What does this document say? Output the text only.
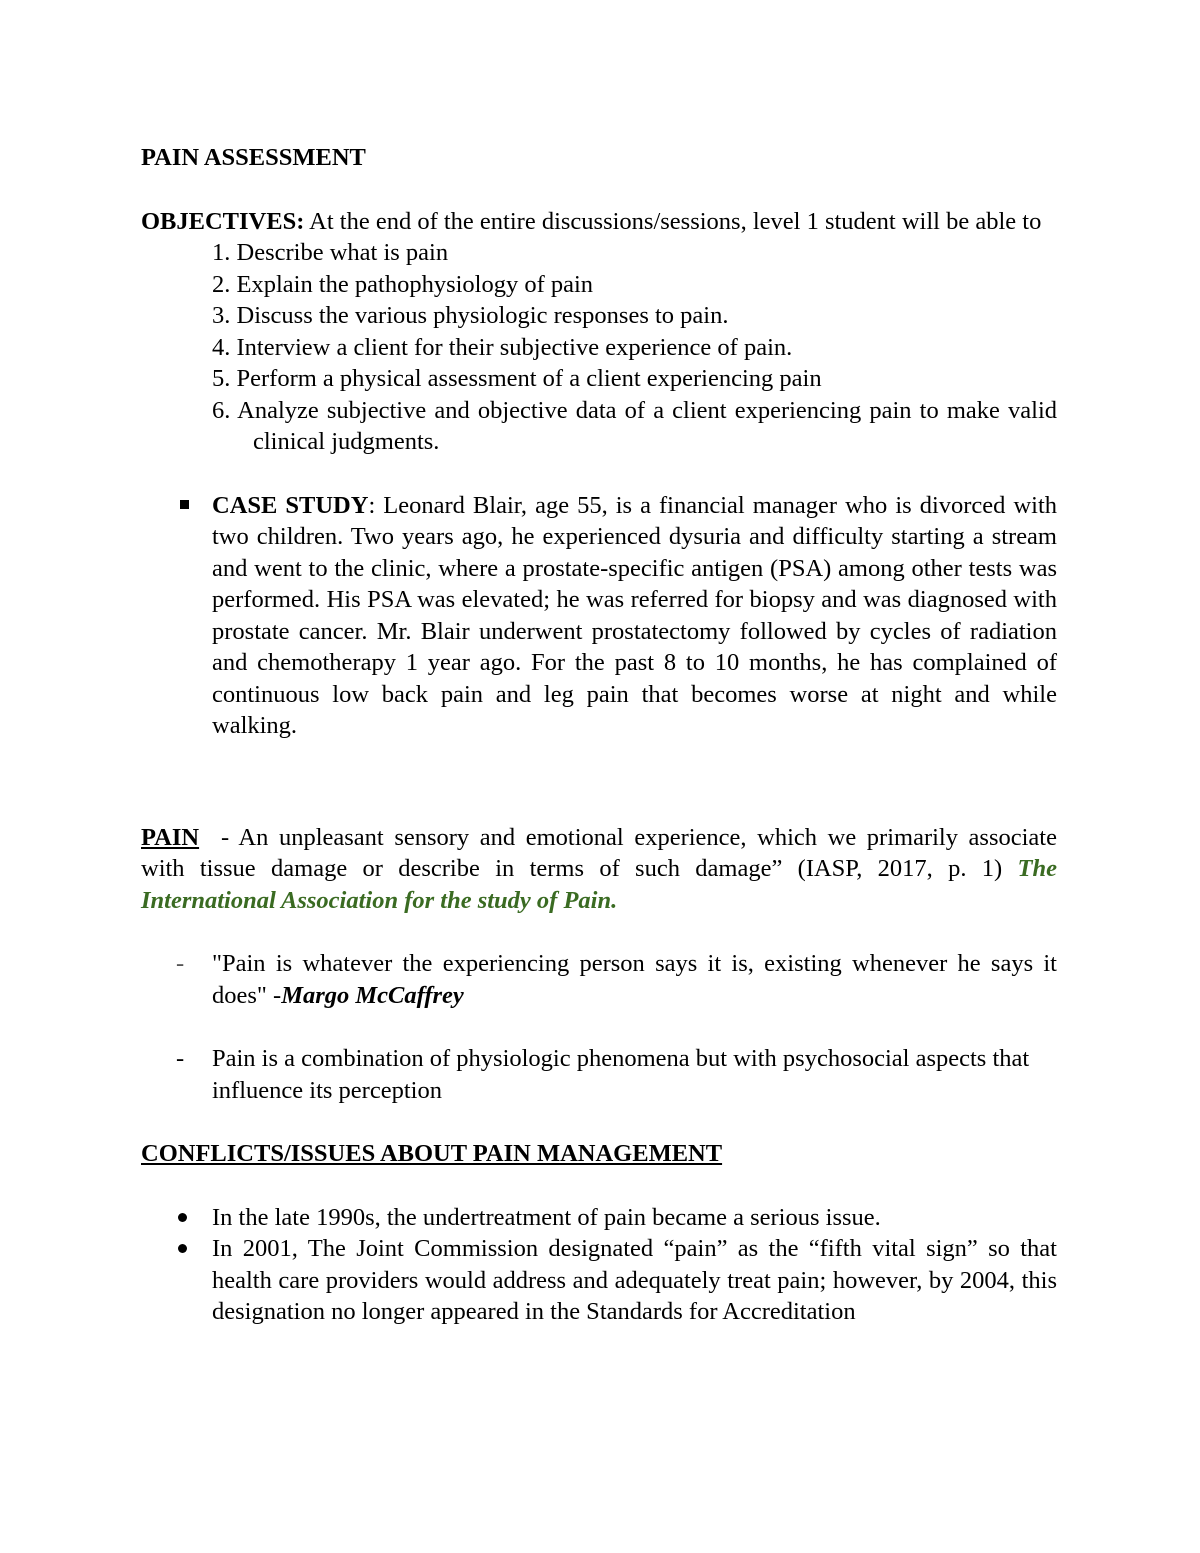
PAIN ASSESSMENT

OBJECTIVES: At the end of the entire discussions/sessions, level 1 student will be able to

1. Describe what is pain
2. Explain the pathophysiology of pain
3. Discuss the various physiologic responses to pain.
4. Interview a client for their subjective experience of pain.
5. Perform a physical assessment of a client experiencing pain
6. Analyze subjective and objective data of a client experiencing pain to make validclinical judgments.
CASE STUDY: Leonard Blair, age 55, is a financial manager who is divorced with two children. Two years ago, he experienced dysuria and difficulty starting a stream and went to the clinic, where a prostate-specific antigen (PSA) among other tests was performed. His PSA was elevated; he was referred for biopsy and was diagnosed with prostate cancer. Mr. Blair underwent prostatectomy followed by cycles of radiation and chemotherapy 1 year ago. For the past 8 to 10 months, he has complained of continuous low back pain and leg pain that becomes worse at night and while walking.

PAIN - An unpleasant sensory and emotional experience, which we primarily associate with tissue damage or describe in terms of such damage” (IASP, 2017, p. 1) The International Association for the study of Pain.

- "Pain is whatever the experiencing person says it is, existing whenever he says it does" -Margo McCaffrey
- Pain is a combination of physiologic phenomena but with psychosocial aspects that influence its perception

CONFLICTS/ISSUES ABOUT PAIN MANAGEMENT

In the late 1990s, the undertreatment of pain became a serious issue.
In 2001, The Joint Commission designated “pain” as the “fifth vital sign” so that health care providers would address and adequately treat pain; however, by 2004, this designation no longer appeared in the Standards for Accreditation
